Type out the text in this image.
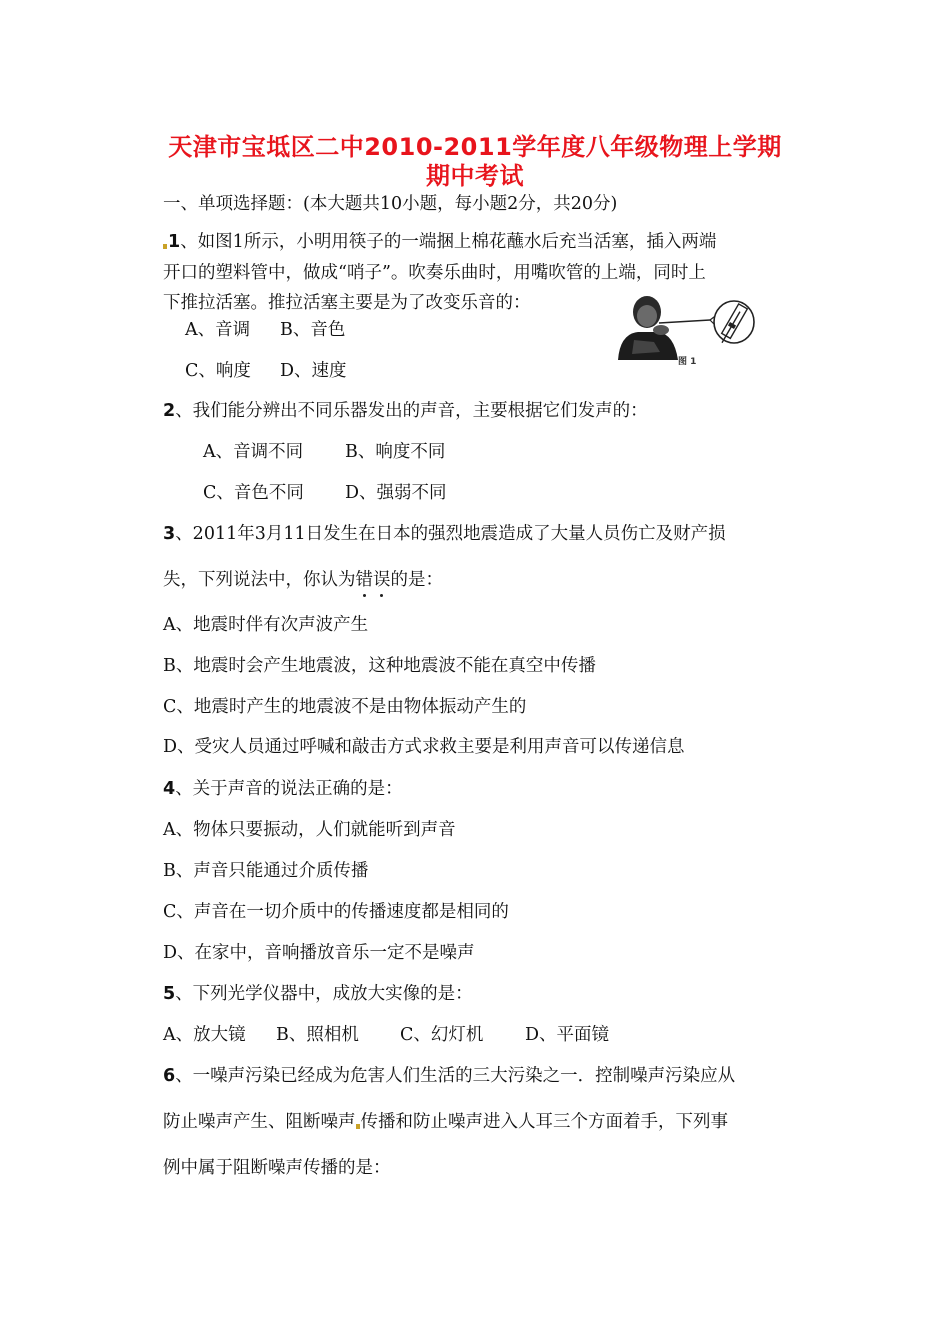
天津市宝坻区二中2010-2011学年度八年级物理上学期
期中考试
一、单项选择题：(本大题共10小题，每小题2分，共20分)
1、如图1所示，小明用筷子的一端捆上棉花蘸水后充当活塞，插入两端
开口的塑料管中，做成“哨子”。吹奏乐曲时，用嘴吹管的上端，同时上
下推拉活塞。推拉活塞主要是为了改变乐音的：
A、音调 B、音色
C、响度 D、速度	图 1
2、我们能分辨出不同乐器发出的声音，主要根据它们发声的：
A、音调不同 B、响度不同
C、音色不同 D、强弱不同
3、2011年3月11日发生在日本的强烈地震造成了大量人员伤亡及财产损
失，下列说法中，你认为错误的是：
A、地震时伴有次声波产生
B、地震时会产生地震波，这种地震波不能在真空中传播
C、地震时产生的地震波不是由物体振动产生的
D、受灾人员通过呼喊和敲击方式求救主要是利用声音可以传递信息
4、关于声音的说法正确的是：
A、物体只要振动，人们就能听到声音
B、声音只能通过介质传播
C、声音在一切介质中的传播速度都是相同的
D、在家中，音响播放音乐一定不是噪声
5、下列光学仪器中，成放大实像的是：
A、放大镜 B、照相机 C、幻灯机 D、平面镜
6、一噪声污染已经成为危害人们生活的三大污染之一．控制噪声污染应从
防止噪声产生、阻断噪声 传播和防止噪声进入人耳三个方面着手，下列事
例中属于阻断噪声传播的是：
